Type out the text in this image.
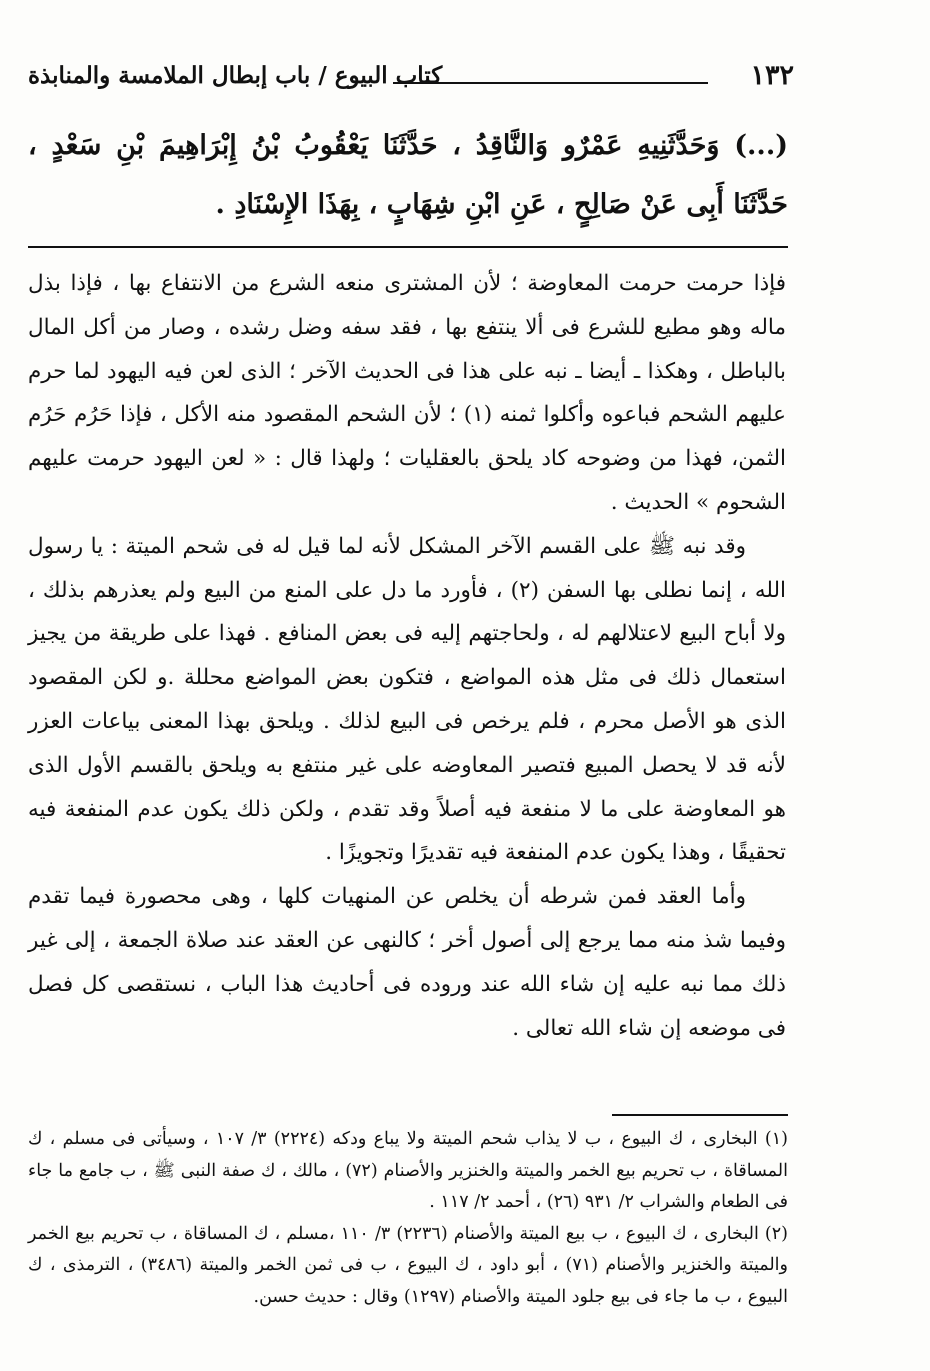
١٣٢
كتاب البيوع / باب إبطال الملامسة والمنابذة
(...) وَحَدَّثَنِيهِ عَمْرٌو وَالنَّاقِدُ ، حَدَّثَنَا يَعْقُوبُ بْنُ إِبْرَاهِيمَ بْنِ سَعْدٍ ، حَدَّثَنَا أَبِى عَنْ صَالِحٍ ، عَنِ ابْنِ شِهَابٍ ، بِهَذَا الإِسْنَادِ .

فإذا حرمت حرمت المعاوضة ؛ لأن المشترى منعه الشرع من الانتفاع بها ، فإذا بذل ماله وهو مطيع للشرع فى ألا ينتفع بها ، فقد سفه وضل رشده ، وصار من أكل المال بالباطل ، وهكذا ـ أيضا ـ نبه على هذا فى الحديث الآخر ؛ الذى لعن فيه اليهود لما حرم عليهم الشحم فباعوه وأكلوا ثمنه (١) ؛ لأن الشحم المقصود منه الأكل ، فإذا حَرُم حَرُم الثمن، فهذا من وضوحه كاد يلحق بالعقليات ؛ ولهذا قال : « لعن اليهود حرمت عليهم الشحوم » الحديث .

وقد نبه ﷺ على القسم الآخر المشكل لأنه لما قيل له فى شحم الميتة : يا رسول الله ، إنما نطلى بها السفن (٢) ، فأورد ما دل على المنع من البيع ولم يعذرهم بذلك ، ولا أباح البيع لاعتلالهم له ، ولحاجتهم إليه فى بعض المنافع . فهذا على طريقة من يجيز استعمال ذلك فى مثل هذه المواضع ، فتكون بعض المواضع محللة .و لكن المقصود الذى هو الأصل محرم ، فلم يرخص فى البيع لذلك . ويلحق بهذا المعنى بياعات العزر لأنه قد لا يحصل المبيع فتصير المعاوضه على غير منتفع به ويلحق بالقسم الأول الذى هو المعاوضة على ما لا منفعة فيه أصلاً وقد تقدم ، ولكن ذلك يكون عدم المنفعة فيه تحقيقًا ، وهذا يكون عدم المنفعة فيه تقديرًا وتجويزًا .

وأما العقد فمن شرطه أن يخلص عن المنهيات كلها ، وهى محصورة فيما تقدم وفيما شذ منه مما يرجع إلى أصول أخر ؛ كالنهى عن العقد عند صلاة الجمعة ، إلى غير ذلك مما نبه عليه إن شاء الله عند وروده فى أحاديث هذا الباب ، نستقصى كل فصل فى موضعه إن شاء الله تعالى .

(١) البخارى ، ك البيوع ، ب لا يذاب شحم الميتة ولا يباع ودكه (٢٢٢٤) ٣/ ١٠٧ ، وسيأتى فى مسلم ، ك المساقاة ، ب تحريم بيع الخمر والميتة والخنزير والأصنام (٧٢) ، مالك ، ك صفة النبى ﷺ ، ب جامع ما جاء فى الطعام والشراب ٢/ ٩٣١ (٢٦) ، أحمد ٢/ ١١٧ .

(٢) البخارى ، ك البيوع ، ب بيع الميتة والأصنام (٢٢٣٦) ٣/ ١١٠ ،مسلم ، ك المساقاة ، ب تحريم بيع الخمر والميتة والخنزير والأصنام (٧١) ، أبو داود ، ك البيوع ، ب فى ثمن الخمر والميتة (٣٤٨٦) ، الترمذى ، ك البيوع ، ب ما جاء فى بيع جلود الميتة والأصنام (١٢٩٧) وقال : حديث حسن.
